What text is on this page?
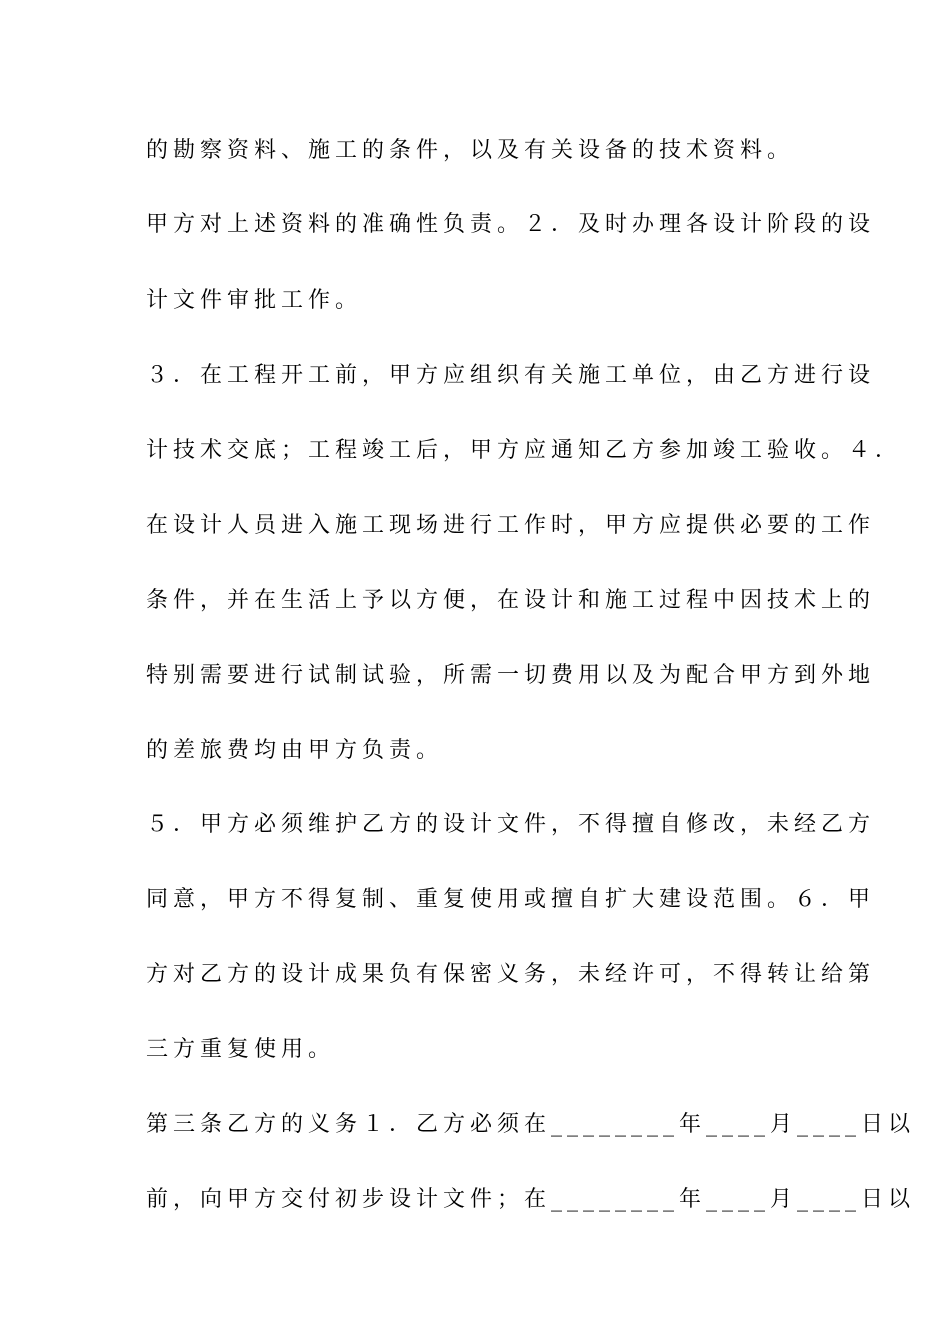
的勘察资料、施工的条件，以及有关设备的技术资料。
甲方对上述资料的准确性负责。２．及时办理各设计阶段的设
计文件审批工作。
３．在工程开工前，甲方应组织有关施工单位，由乙方进行设
计技术交底；工程竣工后，甲方应通知乙方参加竣工验收。４．
在设计人员进入施工现场进行工作时，甲方应提供必要的工作
条件，并在生活上予以方便，在设计和施工过程中因技术上的
特别需要进行试制试验，所需一切费用以及为配合甲方到外地
的差旅费均由甲方负责。
５．甲方必须维护乙方的设计文件，不得擅自修改，未经乙方
同意，甲方不得复制、重复使用或擅自扩大建设范围。６．甲
方对乙方的设计成果负有保密义务，未经许可，不得转让给第
三方重复使用。
第三条乙方的义务１．乙方必须在________年____月____日以
前，向甲方交付初步设计文件；在________年____月____日以
